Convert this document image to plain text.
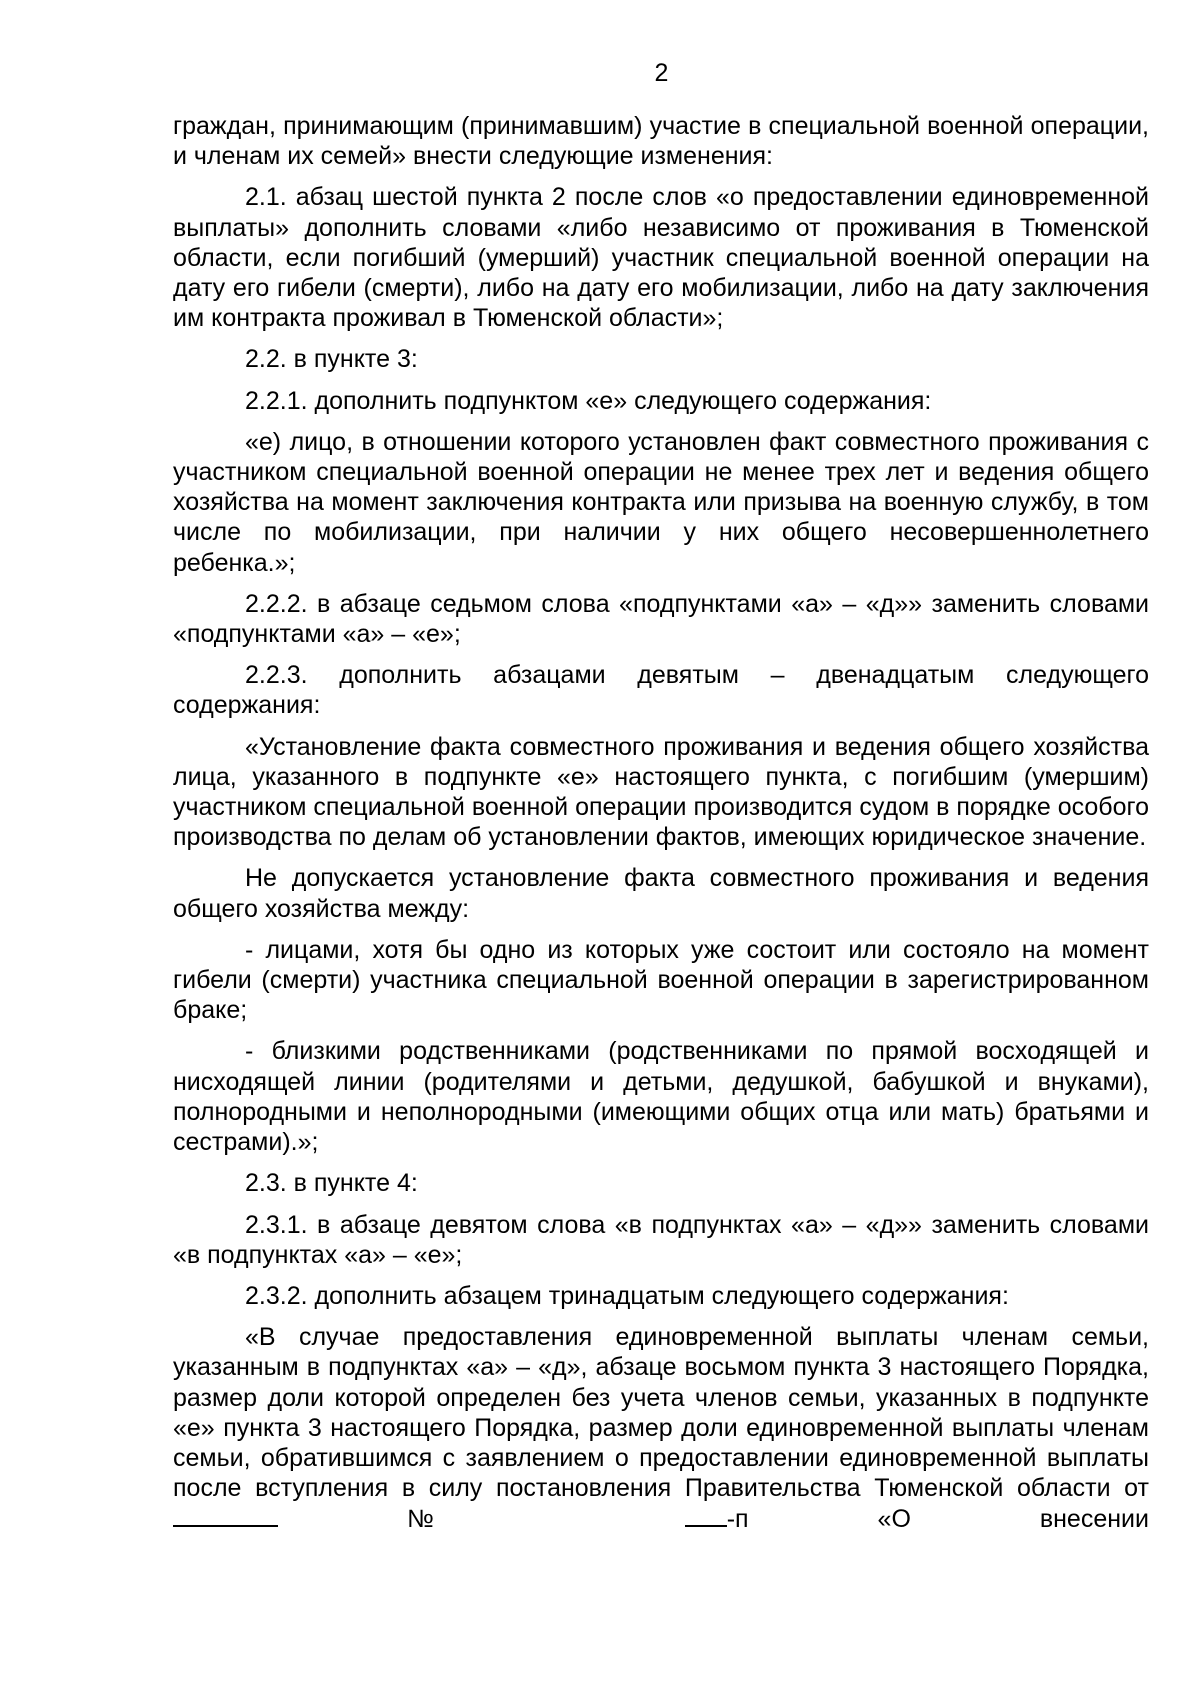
2

граждан, принимающим (принимавшим) участие в специальной военной операции, и членам их семей» внести следующие изменения:

2.1. абзац шестой пункта 2 после слов «о предоставлении единовременной выплаты» дополнить словами «либо независимо от проживания в Тюменской области, если погибший (умерший) участник специальной военной операции на дату его гибели (смерти), либо на дату его мобилизации, либо на дату заключения им контракта проживал в Тюменской области»;

2.2. в пункте 3:

2.2.1. дополнить подпунктом «е» следующего содержания:

«е) лицо, в отношении которого установлен факт совместного проживания с участником специальной военной операции не менее трех лет и ведения общего хозяйства на момент заключения контракта или призыва на военную службу, в том числе по мобилизации, при наличии у них общего несовершеннолетнего ребенка.»;

2.2.2. в абзаце седьмом слова «подпунктами «а» – «д»» заменить словами «подпунктами «а» – «е»;

2.2.3. дополнить абзацами девятым – двенадцатым следующего содержания:

«Установление факта совместного проживания и ведения общего хозяйства лица, указанного в подпункте «е» настоящего пункта, с погибшим (умершим) участником специальной военной операции производится судом в порядке особого производства по делам об установлении фактов, имеющих юридическое значение.

Не допускается установление факта совместного проживания и ведения общего хозяйства между:

- лицами, хотя бы одно из которых уже состоит или состояло на момент гибели (смерти) участника специальной военной операции в зарегистрированном браке;

- близкими родственниками (родственниками по прямой восходящей и нисходящей линии (родителями и детьми, дедушкой, бабушкой и внуками), полнородными и неполнородными (имеющими общих отца или мать) братьями и сестрами).»;

2.3. в пункте 4:

2.3.1. в абзаце девятом слова «в подпунктах «а» – «д»» заменить словами «в подпунктах «а» – «е»;

2.3.2. дополнить абзацем тринадцатым следующего содержания:

«В случае предоставления единовременной выплаты членам семьи, указанным в подпунктах «а» – «д», абзаце восьмом пункта 3 настоящего Порядка, размер доли которой определен без учета членов семьи, указанных в подпункте «е» пункта 3 настоящего Порядка, размер доли единовременной выплаты членам семьи, обратившимся с заявлением о предоставлении единовременной выплаты после вступления в силу постановления Правительства Тюменской области от  №	-п «О внесении
